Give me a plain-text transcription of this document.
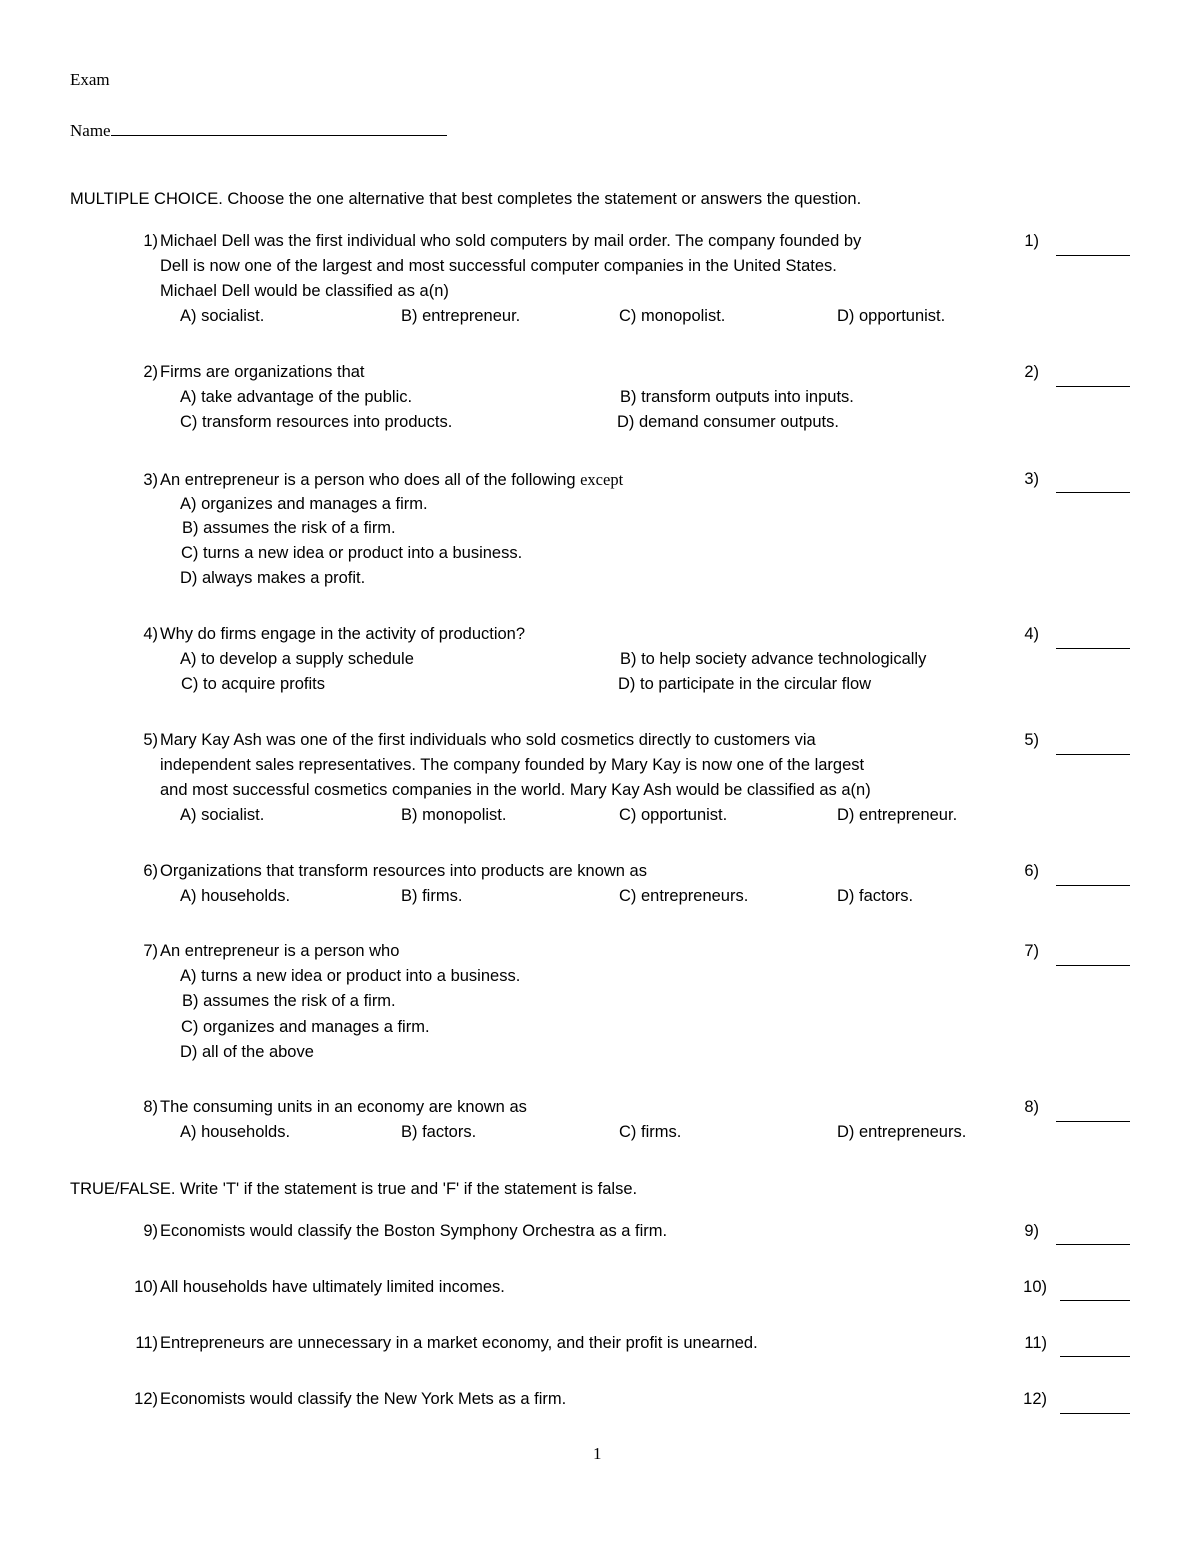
Exam
Name
MULTIPLE CHOICE. Choose the one alternative that best completes the statement or answers the question.
1) Michael Dell was the first individual who sold computers by mail order. The company founded by
Dell is now one of the largest and most successful computer companies in the United States.
Michael Dell would be classified as a(n)
A) socialist.	B) entrepreneur.	C) monopolist.	D) opportunist.
1)
2) Firms are organizations that
A) take advantage of the public.	B) transform outputs into inputs.
C) transform resources into products.	D) demand consumer outputs.
2)
3) An entrepreneur is a person who does all of the following except
A) organizes and manages a firm.
B) assumes the risk of a firm.
C) turns a new idea or product into a business.
D) always makes a profit.
3)
4) Why do firms engage in the activity of production?
A) to develop a supply schedule	B) to help society advance technologically
C) to acquire profits	D) to participate in the circular flow
4)
5) Mary Kay Ash was one of the first individuals who sold cosmetics directly to customers via
independent sales representatives. The company founded by Mary Kay is now one of the largest
and most successful cosmetics companies in the world. Mary Kay Ash would be classified as a(n)
A) socialist.	B) monopolist.	C) opportunist.	D) entrepreneur.
5)
6) Organizations that transform resources into products are known as
A) households.	B) firms.	C) entrepreneurs.	D) factors.
6)
7) An entrepreneur is a person who
A) turns a new idea or product into a business.
B) assumes the risk of a firm.
C) organizes and manages a firm.
D) all of the above
7)
8) The consuming units in an economy are known as
A) households.	B) factors.	C) firms.	D) entrepreneurs.
8)
TRUE/FALSE. Write 'T' if the statement is true and 'F' if the statement is false.
9) Economists would classify the Boston Symphony Orchestra as a firm.	9)
10) All households have ultimately limited incomes.	10)
11) Entrepreneurs are unnecessary in a market economy, and their profit is unearned.	11)
12) Economists would classify the New York Mets as a firm.	12)
1
